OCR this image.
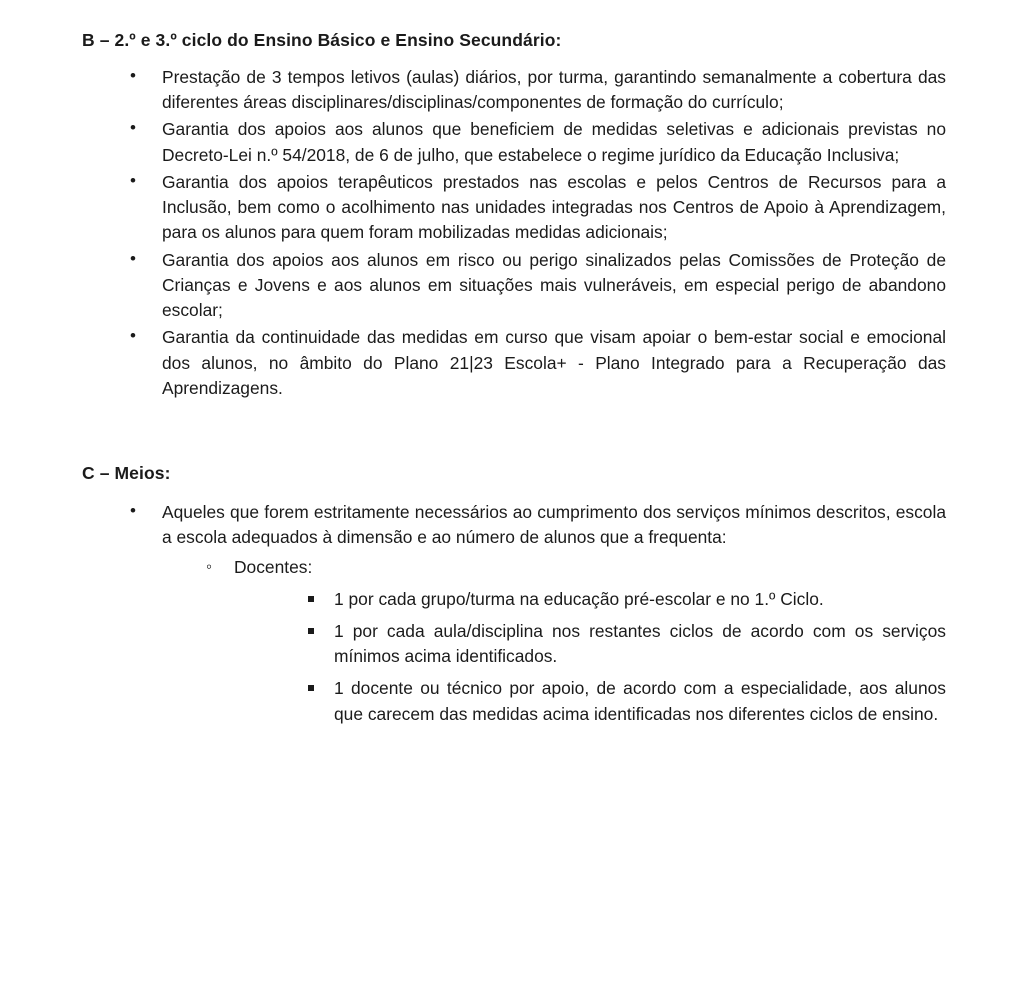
B – 2.º e 3.º ciclo do Ensino Básico e Ensino Secundário:
• Prestação de 3 tempos letivos (aulas) diários, por turma, garantindo semanalmente a cobertura das diferentes áreas disciplinares/disciplinas/componentes de formação do currículo;
• Garantia dos apoios aos alunos que beneficiem de medidas seletivas e adicionais previstas no Decreto-Lei n.º 54/2018, de 6 de julho, que estabelece o regime jurídico da Educação Inclusiva;
• Garantia dos apoios terapêuticos prestados nas escolas e pelos Centros de Recursos para a Inclusão, bem como o acolhimento nas unidades integradas nos Centros de Apoio à Aprendizagem, para os alunos para quem foram mobilizadas medidas adicionais;
• Garantia dos apoios aos alunos em risco ou perigo sinalizados pelas Comissões de Proteção de Crianças e Jovens e aos alunos em situações mais vulneráveis, em especial perigo de abandono escolar;
• Garantia da continuidade das medidas em curso que visam apoiar o bem-estar social e emocional dos alunos, no âmbito do Plano 21|23 Escola+ - Plano Integrado para a Recuperação das Aprendizagens.
C – Meios:
• Aqueles que forem estritamente necessários ao cumprimento dos serviços mínimos descritos, escola a escola adequados à dimensão e ao número de alunos que a frequenta:
◦ Docentes:
1 por cada grupo/turma na educação pré-escolar e no 1.º Ciclo.
1 por cada aula/disciplina nos restantes ciclos de acordo com os serviços mínimos acima identificados.
1 docente ou técnico por apoio, de acordo com a especialidade, aos alunos que carecem das medidas acima identificadas nos diferentes ciclos de ensino.
